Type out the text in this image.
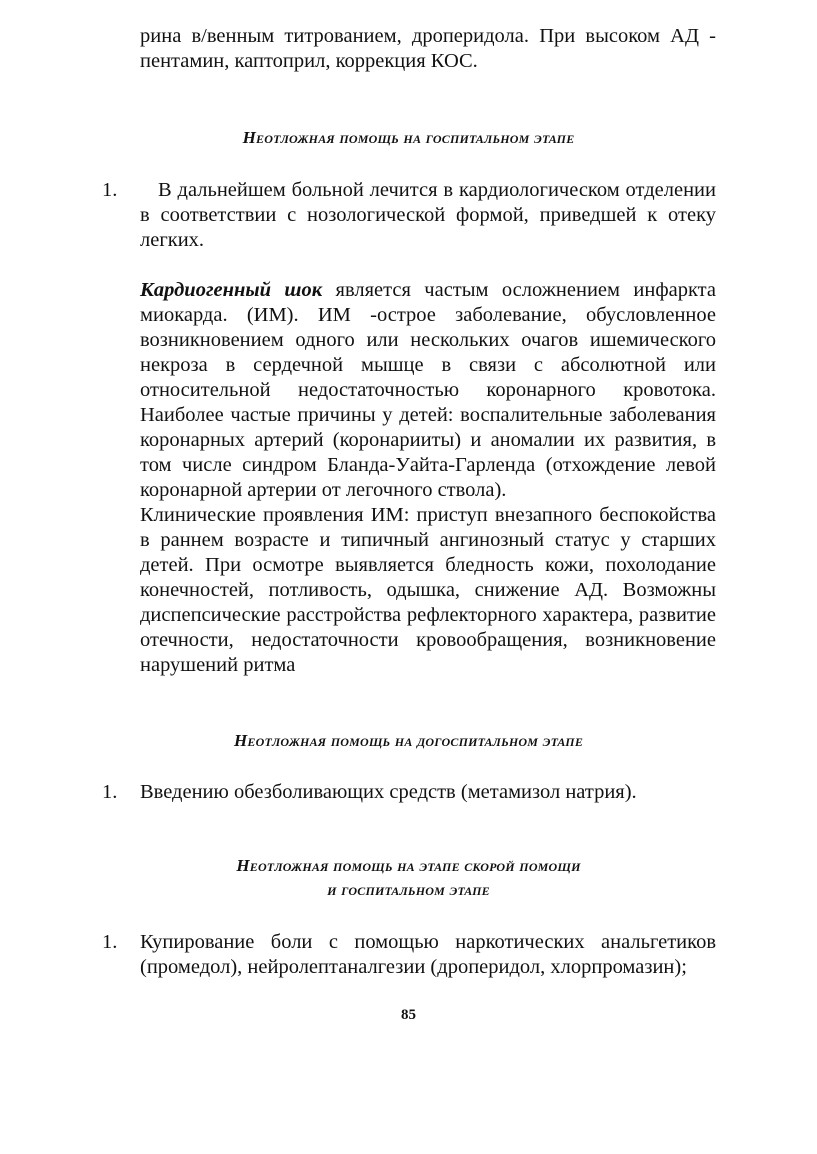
рина в/венным титрованием, дроперидола. При высоком АД - пентамин, каптоприл, коррекция КОС.

Неотложная помощь на госпитальном этапе
1.	В дальнейшем больной лечится в кардиологическом отделении в соответствии с нозологической формой, приведшей к отеку легких.

Кардиогенный шок является частым осложнением инфаркта миокарда. (ИМ). ИМ -острое заболевание, обусловленное возникновением одного или нескольких очагов ишемического некроза в сердечной мышце в связи с абсолютной или относительной недостаточностью коронарного кровотока. Наиболее частые причины у детей: воспалительные заболевания коронарных артерий (коронарииты) и аномалии их развития, в том числе синдром Бланда-Уайта-Гарленда (отхождение левой коронарной артерии от легочного ствола).

Клинические проявления ИМ: приступ внезапного беспокойства в раннем возрасте и типичный ангинозный статус у старших детей. При осмотре выявляется бледность кожи, похолодание конечностей, потливость, одышка, снижение АД. Возможны диспепсические расстройства рефлекторного характера, развитие отечности, недостаточности кровообращения, возникновение нарушений ритма

Неотложная помощь на догоспитальном этапе
1. Введению обезболивающих средств (метамизол натрия).

Неотложная помощь на этапе скорой помощи
и госпитальном этапе
1. Купирование боли с помощью наркотических анальгетиков (промедол), нейролептаналгезии (дроперидол, хлорпромазин);

85
